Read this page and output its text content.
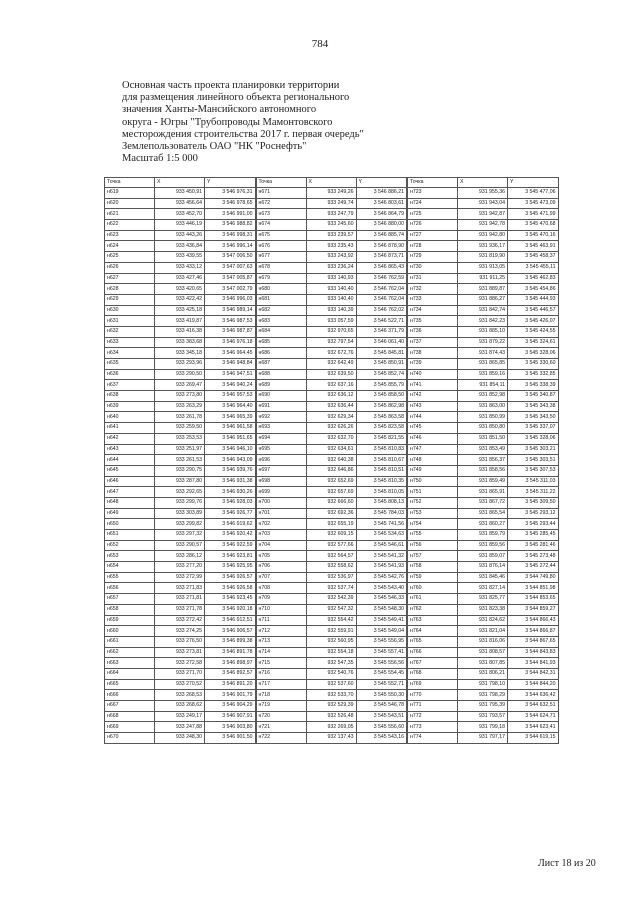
784
Основная часть проекта планировки территории
для размещения линейного объекта регионального
значения Ханты-Мансийского автономного
округа - Югры "Трубопроводы Мамонтовского
месторождения строительства 2017 г. первая очередь"
Землепользователь ОАО "НК "Роснефть"
Масштаб 1:5 000
Точка	X	Y
н619	933 450,91	3 546 976,31
н620	933 456,64	3 546 978,65
н621	933 452,70	3 546 991,00
н622	933 446,19	3 546 988,82
н623	933 443,26	3 546 998,31
н624	933 436,84	3 546 996,14
н625	933 439,55	3 547 006,50
н626	933 433,12	3 547 007,63
н627	933 427,46	3 547 005,87
н628	933 420,65	3 547 002,79
н629	933 422,42	3 546 996,03
н630	933 425,18	3 546 989,14
н631	933 419,87	3 546 987,53
н632	933 416,38	3 546 987,87
н633	933 383,68	3 546 976,18
н634	933 345,18	3 546 964,45
н635	933 293,96	3 546 948,84
н636	933 290,50	3 546 947,51
н637	933 269,47	3 546 940,24
н638	933 273,80	3 546 957,53
н639	933 263,29	3 546 964,40
н640	933 261,78	3 546 965,39
н641	933 259,50	3 546 961,58
н642	933 253,53	3 546 951,65
н643	933 251,97	3 546 946,10
н644	933 261,53	3 546 943,09
н645	933 290,75	3 546 939,76
н646	933 287,80	3 546 931,38
н647	933 292,65	3 546 930,26
н648	933 299,76	3 546 928,03
н649	933 303,89	3 546 926,77
н650	933 299,82	3 546 919,62
н651	933 297,32	3 546 920,42
н652	933 290,57	3 546 922,59
н653	933 286,12	3 546 923,81
н654	933 277,20	3 546 925,95
н655	933 272,99	3 546 926,57
н656	933 271,83	3 546 926,58
н657	933 271,81	3 546 923,45
н658	933 271,78	3 546 920,18
н659	933 272,42	3 546 912,51
н660	933 274,25	3 546 906,57
н661	933 276,50	3 546 899,38
н662	933 273,81	3 546 891,78
н663	933 272,58	3 546 898,97
н664	933 271,70	3 546 892,57
н665	933 270,52	3 546 891,20
н666	933 268,53	3 546 901,79
н667	933 268,62	3 546 904,29
н668	933 249,17	3 546 907,91
н669	933 247,88	3 546 903,80
н670	933 248,30	3 546 901,50
Точка	X	Y
н671	933 249,26	3 546 886,21
н672	933 249,74	3 546 803,61
н673	933 247,79	3 546 864,79
н674	933 245,60	3 546 880,00
н675	933 239,57	3 546 885,74
н676	933 235,43	3 546 878,90
н677	933 243,92	3 546 873,71
н678	933 236,24	3 546 865,43
н679	933 140,93	3 546 762,59
н680	933 140,40	3 546 762,04
н681	933 140,40	3 546 762,04
н682	933 140,39	3 546 762,02
н683	933 057,59	3 546 522,71
н684	932 970,65	3 546 371,79
н685	932 797,54	3 546 061,40
н686	932 672,76	3 545 845,81
н687	932 642,49	3 545 850,91
н688	932 639,50	3 545 852,74
н689	932 637,16	3 545 855,79
н690	932 636,12	3 545 858,50
н691	932 636,44	3 545 862,98
н692	932 629,34	3 545 863,58
н693	932 626,26	3 545 823,58
н694	932 632,70	3 545 821,55
н695	932 634,61	3 545 810,83
н696	932 640,38	3 545 810,67
н697	932 646,86	3 545 810,51
н698	932 652,69	3 545 810,35
н699	932 657,69	3 545 810,05
н700	932 666,60	3 545 808,13
н701	932 692,36	3 545 784,03
н702	932 655,19	3 545 741,56
н703	932 609,15	3 545 534,63
н704	932 577,66	3 545 546,61
н705	932 564,57	3 545 541,32
н706	932 558,62	3 545 541,93
н707	932 536,97	3 545 542,76
н708	932 537,74	3 545 543,40
н709	932 542,39	3 545 546,33
н710	932 547,32	3 545 548,30
н711	932 554,42	3 545 549,41
н712	932 559,91	3 545 549,04
н713	932 560,95	3 545 556,95
н714	932 554,18	3 545 557,41
н715	932 547,35	3 545 556,56
н716	932 540,76	3 545 554,45
н717	932 537,60	3 545 552,71
н718	932 533,70	3 545 550,30
н719	932 529,39	3 545 546,78
н720	932 526,48	3 545 543,51
н721	932 269,05	3 545 556,60
н722	932 137,43	3 545 543,16
Точка	X	Y
н723	931 955,36	3 545 477,06
н724	931 943,04	3 545 473,09
н725	931 942,87	3 545 471,99
н726	931 942,78	3 545 470,68
н727	931 942,80	3 545 470,16
н728	931 936,17	3 545 463,91
н729	931 819,90	3 545 458,37
н730	931 913,05	3 545 455,11
н731	931 911,25	3 545 462,83
н732	931 889,87	3 545 454,86
н733	931 886,27	3 545 444,93
н734	931 842,74	3 545 446,57
н735	931 842,23	3 545 426,07
н736	931 885,10	3 545 424,55
н737	931 879,22	3 545 324,61
н738	931 874,43	3 545 328,06
н739	931 865,85	3 545 330,60
н740	931 859,16	3 545 332,85
н741	931 854,11	3 545 338,39
н742	931 852,98	3 545 340,87
н743	931 863,00	3 545 343,38
н744	931 850,99	3 545 343,50
н745	931 850,80	3 545 337,07
н746	931 851,50	3 545 328,06
н747	931 853,49	3 545 303,21
н748	931 856,37	3 545 303,51
н749	931 858,56	3 545 307,53
н750	931 859,49	3 545 311,03
н751	931 865,91	3 545 311,22
н752	931 867,72	3 545 309,50
н753	931 865,54	3 545 293,12
н754	931 860,27	3 545 293,44
н755	931 859,79	3 545 285,45
н756	931 859,56	3 545 281,46
н757	931 859,07	3 545 273,48
н758	931 876,14	3 545 272,44
н759	931 845,46	3 544 749,80
н760	931 827,14	3 544 851,98
н761	931 825,77	3 544 853,65
н762	931 823,38	3 544 859,27
н763	931 824,62	3 544 866,43
н764	931 821,04	3 544 866,87
н765	931 816,06	3 544 867,65
н766	931 808,57	3 544 843,83
н767	931 807,85	3 544 841,93
н768	931 806,21	3 544 842,31
н769	931 798,10	3 544 844,20
н770	931 798,29	3 544 636,42
н771	931 795,39	3 544 632,51
н772	931 793,57	3 544 624,71
н773	931 799,18	3 544 623,41
н774	931 797,17	3 544 619,15
Лист 18 из 20
